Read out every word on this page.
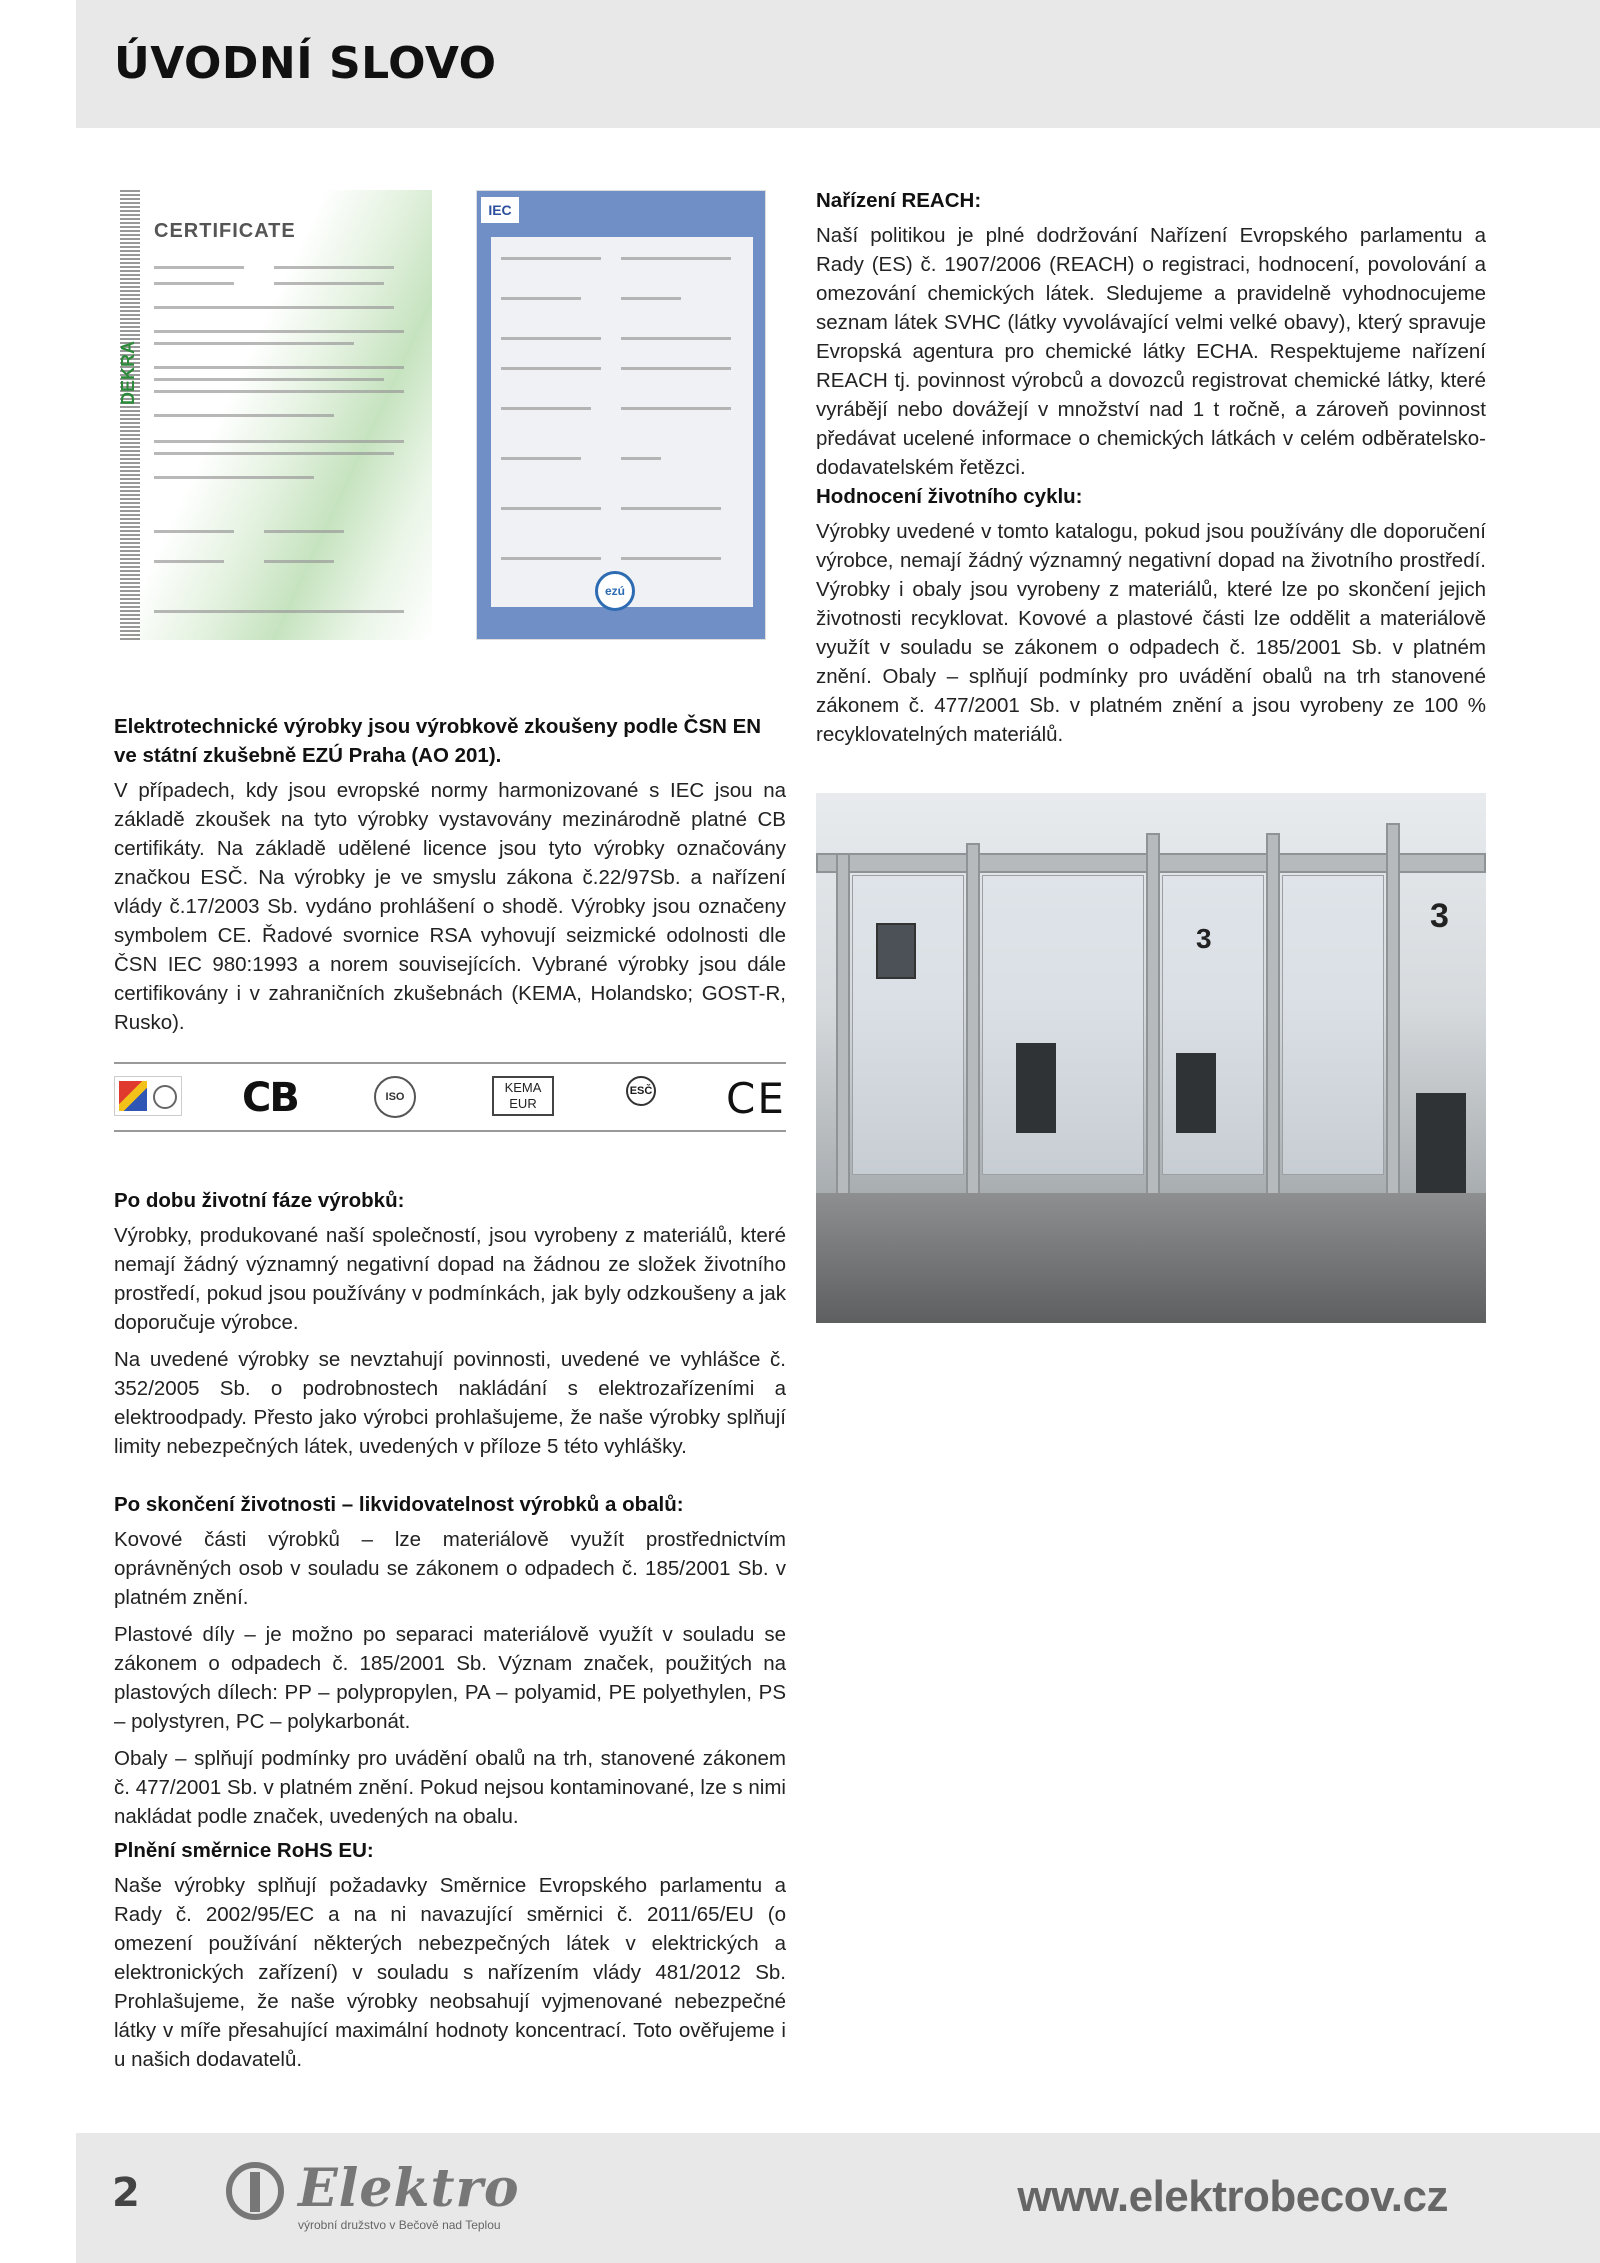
ÚVODNÍ SLOVO
DEKRA
CERTIFICATE
IEC
ezú
Elektrotechnické výrobky jsou výrobkově zkoušeny podle ČSN EN ve státní zkušebně EZÚ Praha (AO 201).

V případech, kdy jsou evropské normy harmonizované s IEC jsou na základě zkoušek na tyto výrobky vystavovány mezinárodně platné CB certifikáty. Na základě udělené licence jsou tyto výrobky označovány značkou ESČ. Na výrobky je ve smyslu zákona č.22/97Sb. a nařízení vlády č.17/2003 Sb. vydáno prohlášení o shodě. Výrobky jsou označeny symbolem CE. Řadové svornice RSA vyhovují seizmické odolnosti dle ČSN IEC 980:1993 a norem souvisejících. Vybrané výrobky jsou dále certifikovány i v zahraničních zkušebnách (KEMA, Holandsko; GOST-R, Rusko).

CB	ISO
KEMA
EUR
ESČ CE
Po dobu životní fáze výrobků:

Výrobky, produkované naší společností, jsou vyrobeny z materiálů, které nemají žádný významný negativní dopad na žádnou ze složek životního prostředí, pokud jsou používány v podmínkách, jak byly odzkoušeny a jak doporučuje výrobce.

Na uvedené výrobky se nevztahují povinnosti, uvedené ve vyhlášce č. 352/2005 Sb. o podrobnostech nakládání s elektrozařízeními a elektroodpady. Přesto jako výrobci prohlašujeme, že naše výrobky splňují limity nebezpečných látek, uvedených v příloze 5 této vyhlášky.

Po skončení životnosti – likvidovatelnost výrobků a obalů:

Kovové části výrobků – lze materiálově využít prostřednictvím oprávněných osob v souladu se zákonem o odpadech č. 185/2001 Sb. v platném znění.

Plastové díly – je možno po separaci materiálově využít v souladu se zákonem o odpadech č. 185/2001 Sb. Význam značek, použitých na plastových dílech: PP – polypropylen, PA – polyamid, PE polyethylen, PS – polystyren, PC – polykarbonát.

Obaly – splňují podmínky pro uvádění obalů na trh, stanovené zákonem č. 477/2001 Sb. v platném znění. Pokud nejsou kontaminované, lze s nimi nakládat podle značek, uvedených na obalu.

Plnění směrnice RoHS EU:

Naše výrobky splňují požadavky Směrnice Evropského parlamentu a Rady č. 2002/95/EC a na ni navazující směrnici č. 2011/65/EU (o omezení používání některých nebezpečných látek v elektrických a elektronických zařízení) v souladu s nařízením vlády 481/2012 Sb. Prohlašujeme, že naše výrobky neobsahují vyjmenované nebezpečné látky v míře přesahující maximální hodnoty koncentrací. Toto ověřujeme i u našich dodavatelů.

Nařízení REACH:

Naší politikou je plné dodržování Nařízení Evropského parlamentu a Rady (ES) č. 1907/2006 (REACH) o registraci, hodnocení, povolování a omezování chemických látek. Sledujeme a pravidelně vyhodnocujeme seznam látek SVHC (látky vyvolávající velmi velké obavy), který spravuje Evropská agentura pro chemické látky ECHA. Respektujeme nařízení REACH tj. povinnost výrobců a dovozců registrovat chemické látky, které vyrábějí nebo dovážejí v množství nad 1 t ročně, a zároveň povinnost předávat ucelené informace o chemických látkách v celém odběratelsko-dodavatelském řetězci.

Hodnocení životního cyklu:

Výrobky uvedené v tomto katalogu, pokud jsou používány dle doporučení výrobce, nemají žádný významný negativní dopad na životního prostředí. Výrobky i obaly jsou vyrobeny z materiálů, které lze po skončení jejich životnosti recyklovat. Kovové a plastové části lze oddělit a materiálově využít v souladu se zákonem o odpadech č. 185/2001 Sb. v platném znění. Obaly – splňují podmínky pro uvádění obalů na trh stanovené zákonem č. 477/2001 Sb. v platném znění a jsou vyrobeny ze 100 % recyklovatelných materiálů.

3
3
2	Elektro
výrobní družstvo v Bečově nad Teplou
www.elektrobecov.cz
